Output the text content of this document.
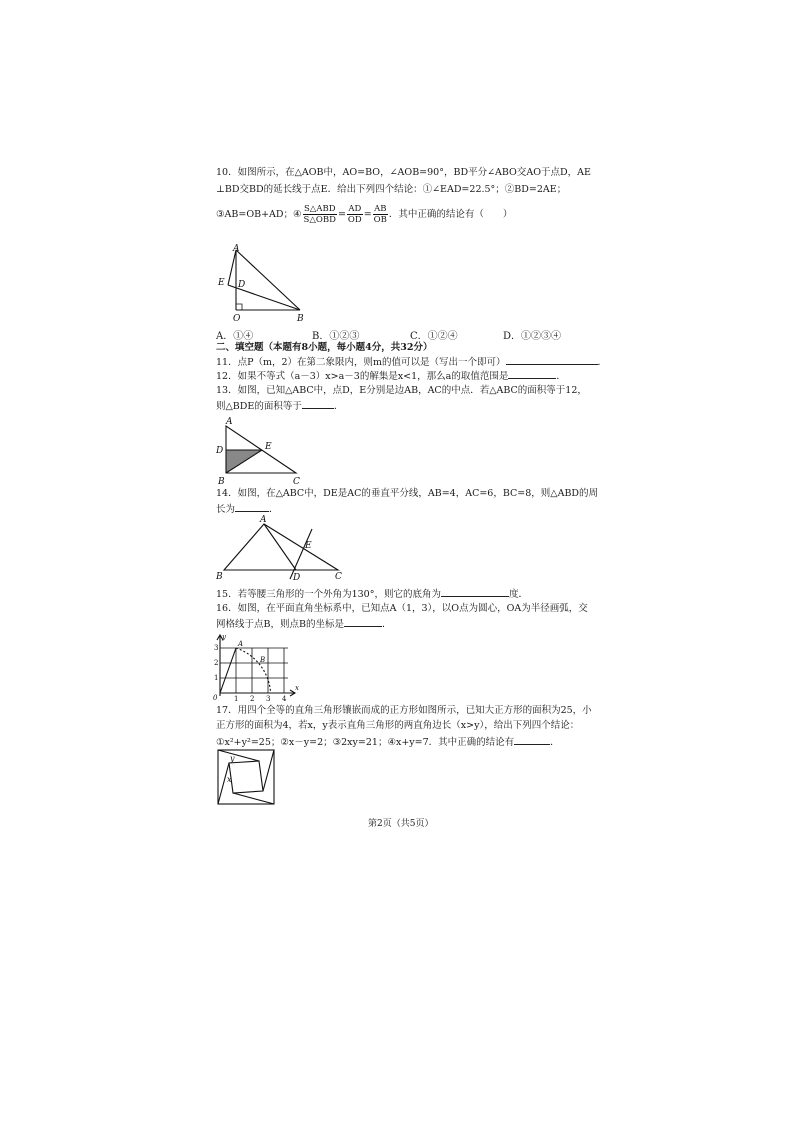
10．如图所示，在△AOB中，AO=BO，∠AOB=90°，BD平分∠ABO交AO于点D，AE
⊥BD交BD的延长线于点E．给出下列四个结论：①∠EAD=22.5°；②BD=2AE；
③AB=OB+AD；④ $\frac{\text{S△ABD}}{\text{S△OBD}} = \frac{AD}{OD} = \frac{AB}{OB}$ ．其中正确的结论有（　　）
A
E D
O	B
A．①④	B．①②③	C．①②④	D．①②③④
二、填空题（本题有8小题，每小题4分，共32分）
11．点P（m，2）在第二象限内，则m的值可以是（写出一个即可）	．
12．如果不等式（a－3）x>a－3的解集是x<1，那么a的取值范围是	．
13．如图，已知△ABC中，点D，E分别是边AB，AC的中点．若△ABC的面积等于12，
则△BDE的面积等于	．
A
D	E
B	C
14．如图，在△ABC中，DE是AC的垂直平分线，AB=4，AC=6，BC=8，则△ABD的周
长为	．
A
E
B	D	C
15．若等腰三角形的一个外角为130°，则它的底角为	度．
16．如图，在平面直角坐标系中，已知点A（1，3），以O点为圆心，OA为半径画弧，交
网格线于点B，则点B的坐标是	．
y
x
0
A
B
1
2
3
1 2 3 4
17．用四个全等的直角三角形镶嵌而成的正方形如图所示，已知大正方形的面积为25，小
正方形的面积为4，若x，y表示直角三角形的两直角边长（x>y），给出下列四个结论：
①x²+y²=25；②x－y=2；③2xy=21；④x+y=7．其中正确的结论有	．
y
x
第2页（共5页）
